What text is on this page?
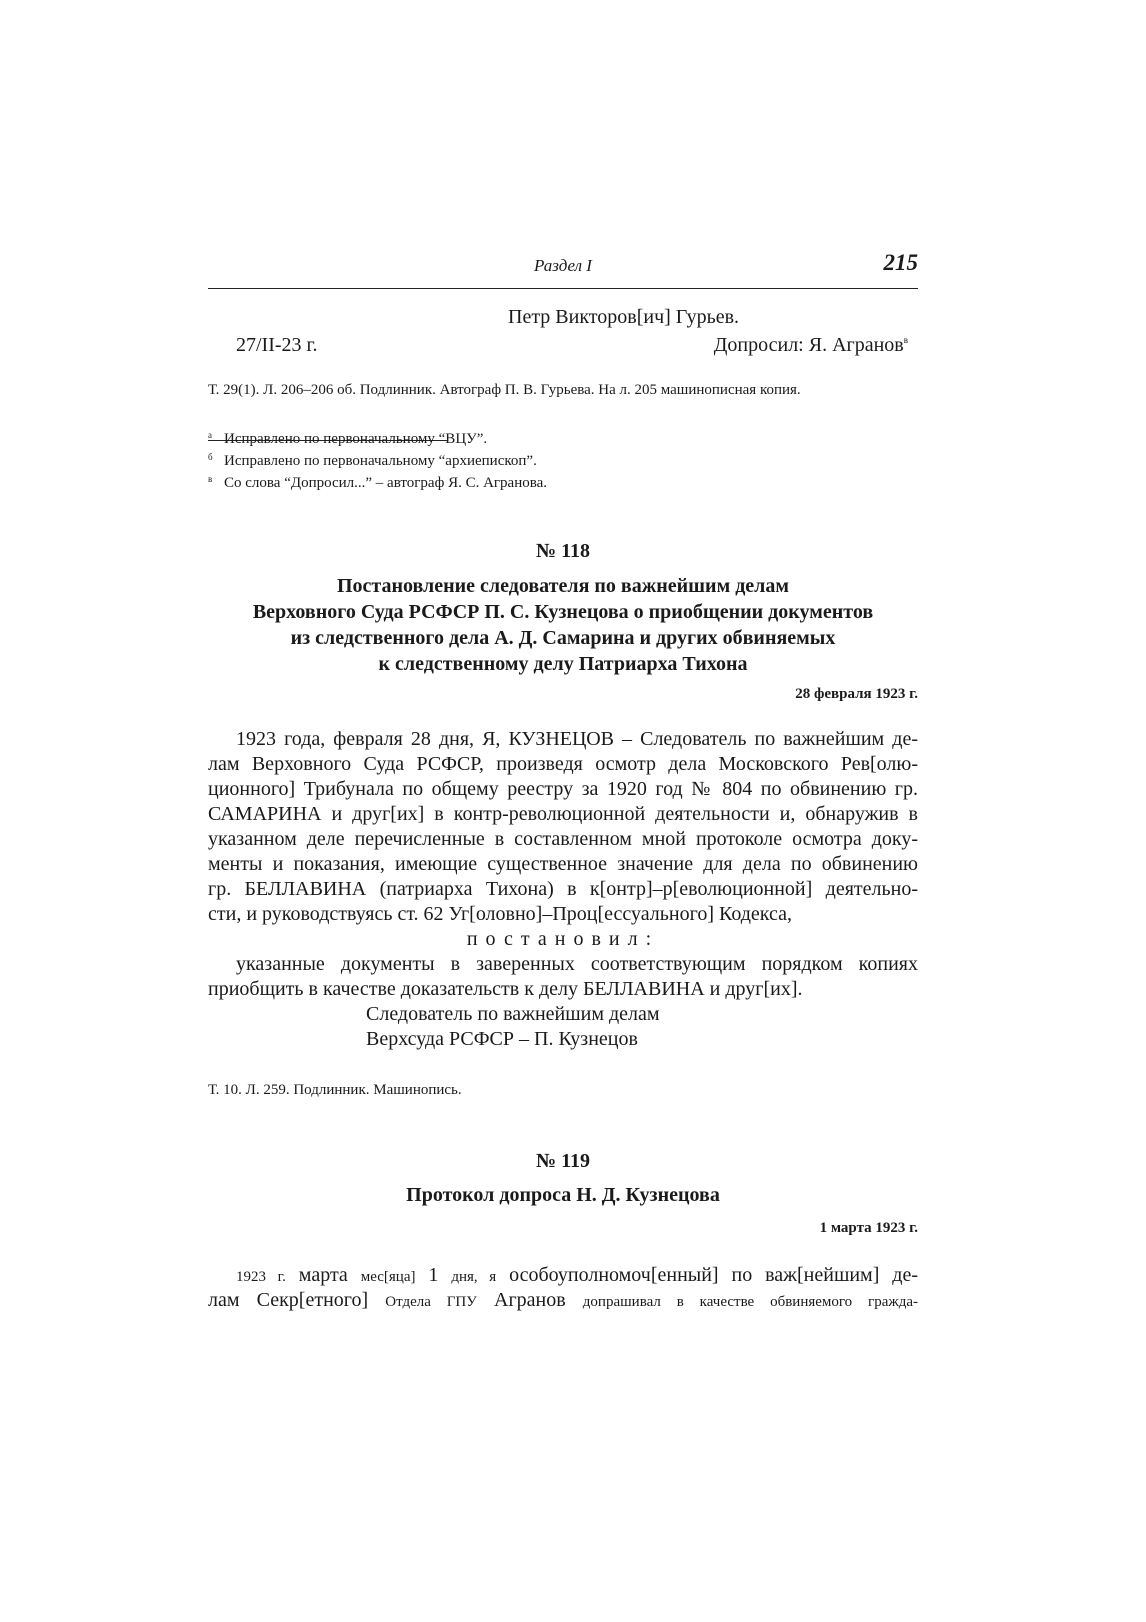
Раздел I	215
Петр Викторов[ич] Гурьев.
27/II-23 г.	Допросил: Я. Агранов$^в$
Т. 29(1). Л. 206–206 об. Подлинник. Автограф П. В. Гурьева. На л. 205 машинописная копия.
а Исправлено по первоначальному “ВЦУ”.
б Исправлено по первоначальному “архиепископ”.
в Со слова “Допросил...” – автограф Я. С. Агранова.
№ 118
Постановление следователя по важнейшим делам
Верховного Суда РСФСР П. С. Кузнецова о приобщении документов
из следственного дела А. Д. Самарина и других обвиняемых
к следственному делу Патриарха Тихона
28 февраля 1923 г.
1923 года, февраля 28 дня, Я, КУЗНЕЦОВ – Следователь по важнейшим де-
лам Верховного Суда РСФСР, произведя осмотр дела Московского Рев[олю-
ционного] Трибунала по общему реестру за 1920 год № 804 по обвинению гр.
САМАРИНА и друг[их] в контр-революционной деятельности и, обнаружив в
указанном деле перечисленные в составленном мной протоколе осмотра доку-
менты и показания, имеющие существенное значение для дела по обвинению
гр. БЕЛЛАВИНА (патриарха Тихона) в к[онтр]–р[еволюционной] деятельно-
сти, и руководствуясь ст. 62 Уг[оловно]–Проц[ессуального] Кодекса,
постановил:
указанные документы в заверенных соответствующим порядком копиях
приобщить в качестве доказательств к делу БЕЛЛАВИНА и друг[их].
Следователь по важнейшим делам
Верхсуда РСФСР – П. Кузнецов
Т. 10. Л. 259. Подлинник. Машинопись.
№ 119
Протокол допроса Н. Д. Кузнецова
1 марта 1923 г.
1923 г. марта мес[яца] 1 дня, я особоуполномоч[енный] по важ[нейшим] де-
лам Секр[етного] Отдела ГПУ Агранов допрашивал в качестве обвиняемого гражда-
